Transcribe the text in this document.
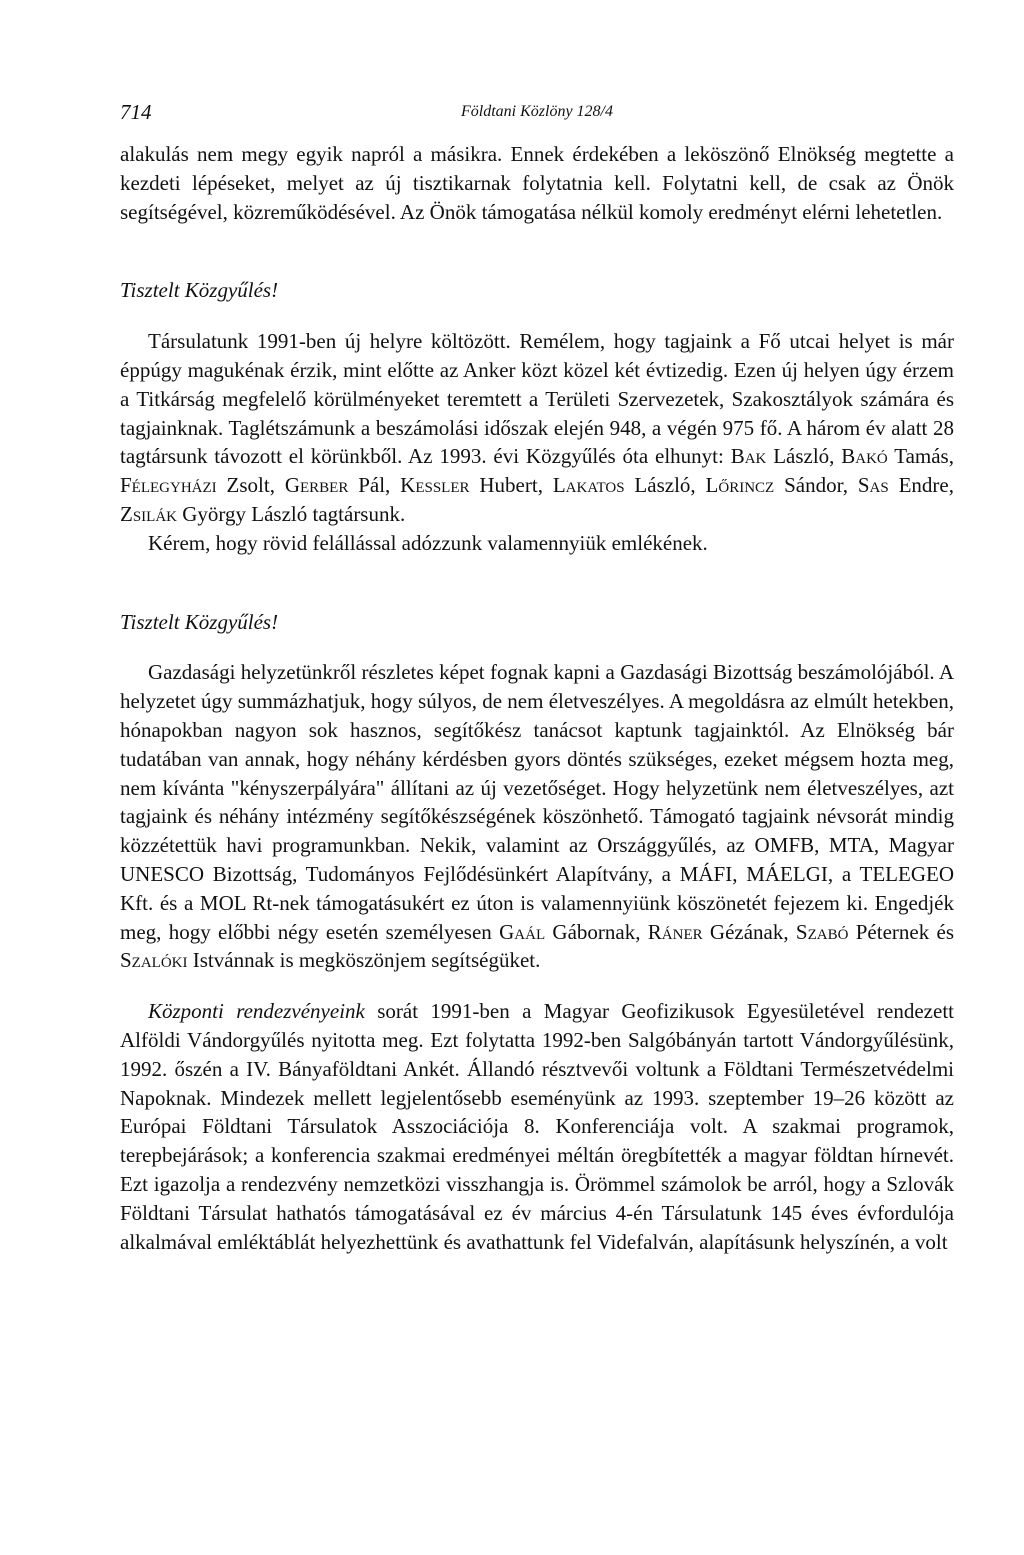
714	Földtani Közlöny 128/4

alakulás nem megy egyik napról a másikra. Ennek érdekében a leköszönő Elnökség megtette a kezdeti lépéseket, melyet az új tisztikarnak folytatnia kell. Folytatni kell, de csak az Önök segítségével, közreműködésével. Az Önök támogatása nélkül komoly eredményt elérni lehetetlen.

Tisztelt Közgyűlés!

Társulatunk 1991-ben új helyre költözött. Remélem, hogy tagjaink a Fő utcai helyet is már éppúgy magukénak érzik, mint előtte az Anker közt közel két évtizedig. Ezen új helyen úgy érzem a Titkárság megfelelő körülményeket teremtett a Területi Szervezetek, Szakosztályok számára és tagjainknak. Taglétszámunk a beszámolási időszak elején 948, a végén 975 fő. A három év alatt 28 tagtársunk távozott el körünkből. Az 1993. évi Közgyűlés óta elhunyt: Bak László, Bakó Tamás, Félegyházi Zsolt, Gerber Pál, Kessler Hubert, Lakatos László, Lőrincz Sándor, Sas Endre, Zsilák György László tagtársunk.

Kérem, hogy rövid felállással adózzunk valamennyiük emlékének.

Tisztelt Közgyűlés!

Gazdasági helyzetünkről részletes képet fognak kapni a Gazdasági Bizottság beszámolójából. A helyzetet úgy summázhatjuk, hogy súlyos, de nem életveszélyes. A megoldásra az elmúlt hetekben, hónapokban nagyon sok hasznos, segítőkész tanácsot kaptunk tagjainktól. Az Elnökség bár tudatában van annak, hogy néhány kérdésben gyors döntés szükséges, ezeket mégsem hozta meg, nem kívánta "kényszerpályára" állítani az új vezetőséget. Hogy helyzetünk nem életveszélyes, azt tagjaink és néhány intézmény segítőkészségének köszönhető. Támogató tagjaink névsorát mindig közzétettük havi programunkban. Nekik, valamint az Országgyűlés, az OMFB, MTA, Magyar UNESCO Bizottság, Tudományos Fejlődésünkért Alapítvány, a MÁFI, MÁELGI, a TELEGEO Kft. és a MOL Rt-nek támogatásukért ez úton is valamennyiünk köszönetét fejezem ki. Engedjék meg, hogy előbbi négy esetén személyesen Gaál Gábornak, Ráner Gézának, Szabó Péternek és Szalóki Istvánnak is megköszönjem segítségüket.

Központi rendezvényeink sorát 1991-ben a Magyar Geofizikusok Egyesületével rendezett Alföldi Vándorgyűlés nyitotta meg. Ezt folytatta 1992-ben Salgóbányán tartott Vándorgyűlésünk, 1992. őszén a IV. Bányaföldtani Ankét. Állandó résztvevői voltunk a Földtani Természetvédelmi Napoknak. Mindezek mellett legjelentősebb eseményünk az 1993. szeptember 19–26 között az Európai Földtani Társulatok Asszociációja 8. Konferenciája volt. A szakmai programok, terepbejárások; a konferencia szakmai eredményei méltán öregbítették a magyar földtan hírnevét. Ezt igazolja a rendezvény nemzetközi visszhangja is. Örömmel számolok be arról, hogy a Szlovák Földtani Társulat hathatós támogatásával ez év március 4-én Társulatunk 145 éves évfordulója alkalmával emléktáblát helyezhettünk és avathattunk fel Videfalván, alapításunk helyszínén, a volt
